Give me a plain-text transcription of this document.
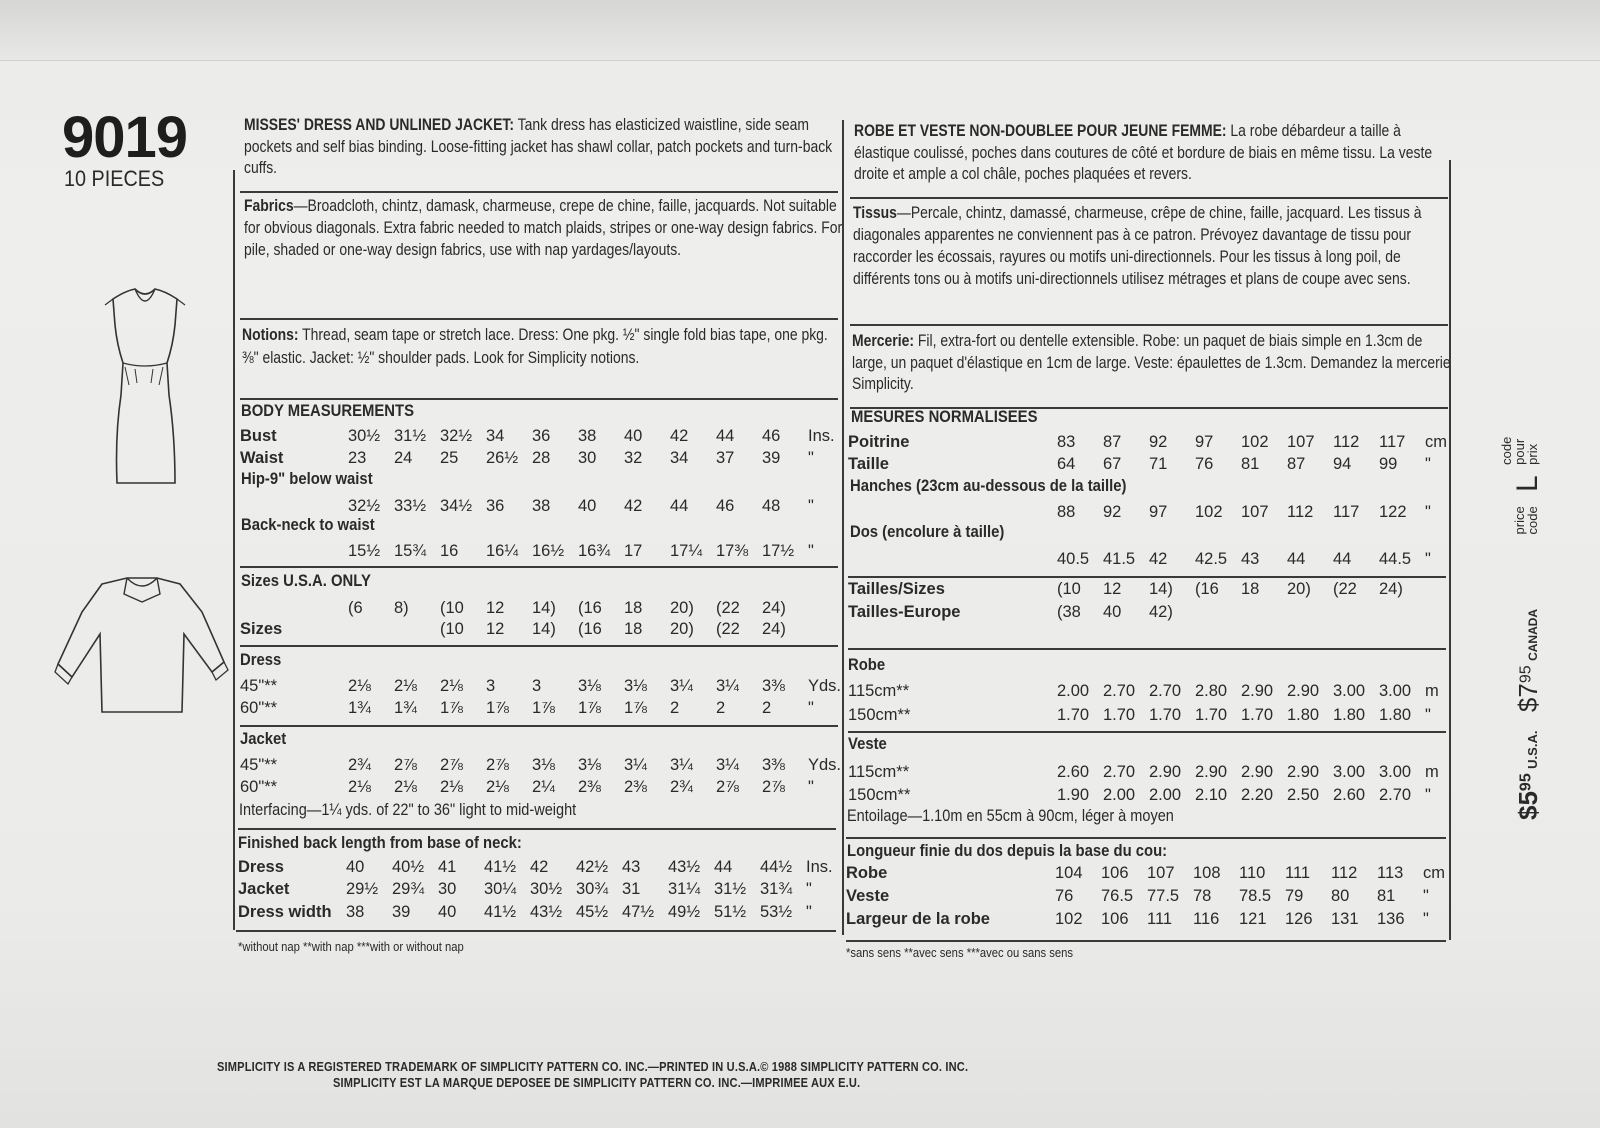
9019
10 PIECES
MISSES' DRESS AND UNLINED JACKET: Tank dress has elasticized waistline, side seam pockets and self bias binding. Loose-fitting jacket has shawl collar, patch pockets and turn-back cuffs.
Fabrics—Broadcloth, chintz, damask, charmeuse, crepe de chine, faille, jacquards. Not suitable for obvious diagonals. Extra fabric needed to match plaids, stripes or one-way design fabrics. For pile, shaded or one-way design fabrics, use with nap yardages/layouts.
Notions: Thread, seam tape or stretch lace. Dress: One pkg. ½" single fold bias tape, one pkg. ⅜" elastic. Jacket: ½" shoulder pads. Look for Simplicity notions.
BODY MEASUREMENTS
Bust	30½ 31½ 32½ 34	36	38	40	42	44	46	Ins.
Waist	23	24	25	26½ 28	30	32	34	37	39	"
Hip-9" below waist
32½ 33½ 34½ 36	38	40	42	44	46	48	"
Back-neck to waist
15½ 15¾ 16	16¼ 16½ 16¾ 17	17¼ 17⅜ 17½ "
Sizes U.S.A. ONLY
(6	8)	(10	12	14)	(16	18	20)	(22	24)
Sizes	(10	12	14)	(16	18	20)	(22	24)
Dress
45"**	2⅛	2⅛	2⅛	3	3	3⅛	3⅛	3¼	3¼	3⅜	Yds.
60"**	1¾	1¾	1⅞	1⅞	1⅞	1⅞	1⅞	2	2	2	"
Jacket
45"**	2¾	2⅞	2⅞	2⅞	3⅛	3⅛	3¼	3¼	3¼	3⅜	Yds.
60"**	2⅛	2⅛	2⅛	2⅛	2¼	2⅜	2⅜	2¾	2⅞	2⅞	"
Interfacing—1¼ yds. of 22" to 36" light to mid-weight
Finished back length from base of neck:
Dress	40	40½ 41	41½ 42	42½ 43	43½ 44	44½ Ins.
Jacket	29½ 29¾ 30	30¼ 30½ 30¾ 31	31¼ 31½ 31¾ "
Dress width 38	39	40	41½ 43½ 45½ 47½ 49½ 51½ 53½ "
*without nap **with nap ***with or without nap
ROBE ET VESTE NON-DOUBLEE POUR JEUNE FEMME: La robe débardeur a taille à élastique coulissé, poches dans coutures de côté et bordure de biais en même tissu. La veste droite et ample a col châle, poches plaquées et revers.
Tissus—Percale, chintz, damassé, charmeuse, crêpe de chine, faille, jacquard. Les tissus à diagonales apparentes ne conviennent pas à ce patron. Prévoyez davantage de tissu pour raccorder les écossais, rayures ou motifs uni-directionnels. Pour les tissus à long poil, de différents tons ou à motifs uni-directionnels utilisez métrages et plans de coupe avec sens.
Mercerie: Fil, extra-fort ou dentelle extensible. Robe: un paquet de biais simple en 1.3cm de large, un paquet d'élastique en 1cm de large. Veste: épaulettes de 1.3cm. Demandez la mercerie Simplicity.
MESURES NORMALISEES
Poitrine	83	87	92	97	102	107	112	117	cm
Taille	64	67	71	76	81	87	94	99	"
Hanches (23cm au-dessous de la taille)
88	92	97	102	107	112	117	122	"
Dos (encolure à taille)
40.5 41.5 42	42.5 43	44	44	44.5 "
Tailles/Sizes	(10	12	14)	(16	18	20)	(22	24)
Tailles-Europe	(38	40	42)
Robe
115cm**	2.00 2.70 2.70 2.80 2.90 2.90 3.00 3.00 m
150cm**	1.70 1.70 1.70 1.70 1.70 1.80 1.80 1.80 "
Veste
115cm**	2.60 2.70 2.90 2.90 2.90 2.90 3.00 3.00 m
150cm**	1.90 2.00 2.00 2.10 2.20 2.50 2.60 2.70 "
Entoilage—1.10m en 55cm à 90cm, léger à moyen
Longueur finie du dos depuis la base du cou:
Robe	104	106	107	108	110	111	112	113	cm
Veste	76	76.5 77.5 78	78.5 79	80	81	"
Largeur de la robe	102	106	111	116	121	126	131	136	"
*sans sens **avec sens ***avec ou sans sens
$\$5^{95}$ U.S.A. $\$7^{95}$ CANADA price code L code pour prix
SIMPLICITY IS A REGISTERED TRADEMARK OF SIMPLICITY PATTERN CO. INC.—PRINTED IN U.S.A.© 1988 SIMPLICITY PATTERN CO. INC.
SIMPLICITY EST LA MARQUE DEPOSEE DE SIMPLICITY PATTERN CO. INC.—IMPRIMEE AUX E.U.
